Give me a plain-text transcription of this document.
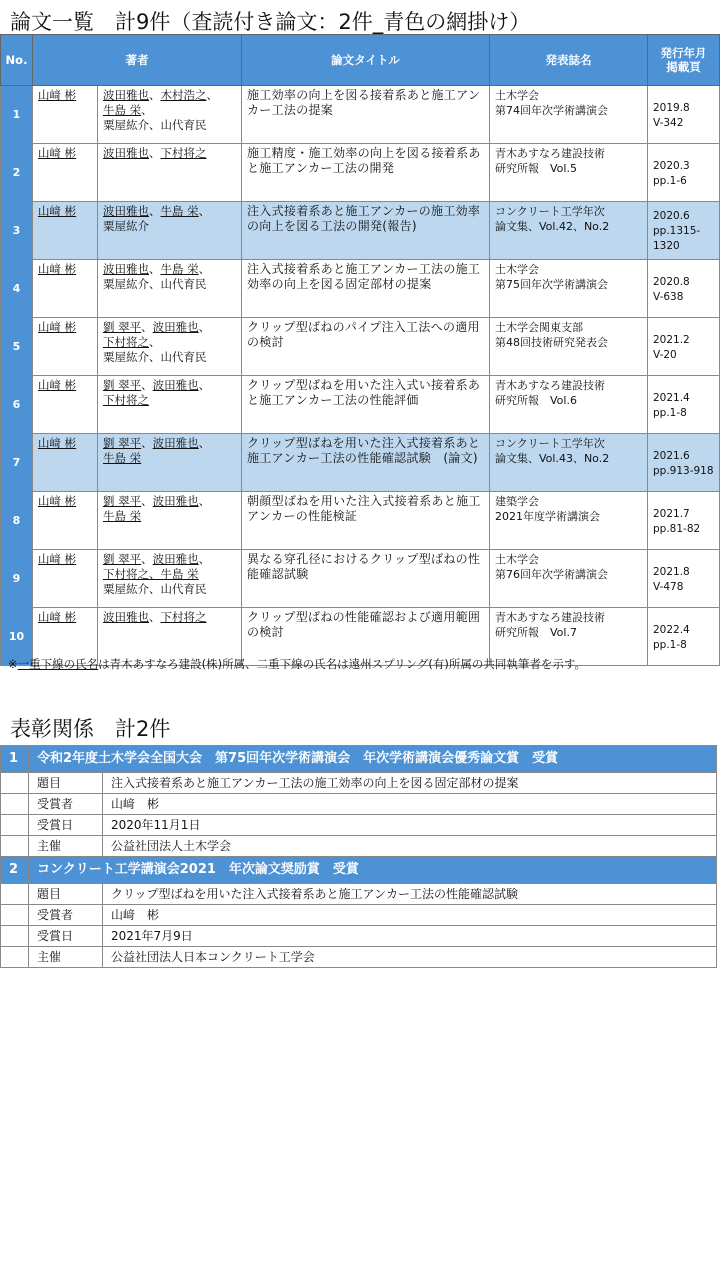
論文一覧　計9件（査読付き論文：2件_青色の網掛け）
No.	著者		論文タイトル	発表誌名	発行年月
掲載頁
1	山﨑 彬	波田雅也、木村浩之、
牛島 栄、
粟屋紘介、山代育民	施工効率の向上を図る接着系あと施工アンカー工法の提案	土木学会
第74回年次学術講演会	2019.8
V-342
2	山﨑 彬	波田雅也、下村将之	施工精度・施工効率の向上を図る接着系あと施工アンカー工法の開発	青木あすなろ建設技術
研究所報　Vol.5	2020.3
pp.1-6
3	山﨑 彬	波田雅也、牛島 栄、
粟屋紘介	注入式接着系あと施工アンカーの施工効率の向上を図る工法の開発(報告)	コンクリート工学年次
論文集、Vol.42、No.2	2020.6
pp.1315-1320
4	山﨑 彬	波田雅也、牛島 栄、
粟屋紘介、山代育民	注入式接着系あと施工アンカー工法の施工効率の向上を図る固定部材の提案	土木学会
第75回年次学術講演会	2020.8
V-638
5	山﨑 彬	劉 翠平、波田雅也、
下村将之、
粟屋紘介、山代育民	クリップ型ばねのパイプ注入工法への適用の検討	土木学会関東支部
第48回技術研究発表会	2021.2
V-20
6	山﨑 彬	劉 翠平、波田雅也、
下村将之	クリップ型ばねを用いた注入式い接着系あと施工アンカー工法の性能評価	青木あすなろ建設技術
研究所報　Vol.6	2021.4
pp.1-8
7	山﨑 彬	劉 翠平、波田雅也、
牛島 栄	クリップ型ばねを用いた注入式接着系あと施工アンカー工法の性能確認試験　(論文)	コンクリート工学年次
論文集、Vol.43、No.2	2021.6
pp.913-918
8	山﨑 彬	劉 翠平、波田雅也、
牛島 栄	朝顔型ばねを用いた注入式接着系あと施工アンカーの性能検証	建築学会
2021年度学術講演会	2021.7
pp.81-82
9	山﨑 彬	劉 翠平、波田雅也、
下村将之、牛島 栄
粟屋紘介、山代育民	異なる穿孔径におけるクリップ型ばねの性能確認試験	土木学会
第76回年次学術講演会	2021.8
V-478
10	山﨑 彬	波田雅也、下村将之	クリップ型ばねの性能確認および適用範囲の検討	青木あすなろ建設技術
研究所報　Vol.7	2022.4
pp.1-8
※一重下線の氏名は青木あすなろ建設(株)所属、二重下線の氏名は遠州スプリング(有)所属の共同執筆者を示す。
表彰関係　計2件
1	令和2年度土木学会全国大会　第75回年次学術講演会　年次学術講演会優秀論文賞　受賞	
	題目	注入式接着系あと施工アンカー工法の施工効率の向上を図る固定部材の提案
	受賞者	山﨑　彬
	受賞日	2020年11月1日
	主催	公益社団法人土木学会
2	コンクリート工学講演会2021　年次論文奨励賞　受賞	
	題目	クリップ型ばねを用いた注入式接着系あと施工アンカー工法の性能確認試験
	受賞者	山﨑　彬
	受賞日	2021年7月9日
	主催	公益社団法人日本コンクリート工学会
